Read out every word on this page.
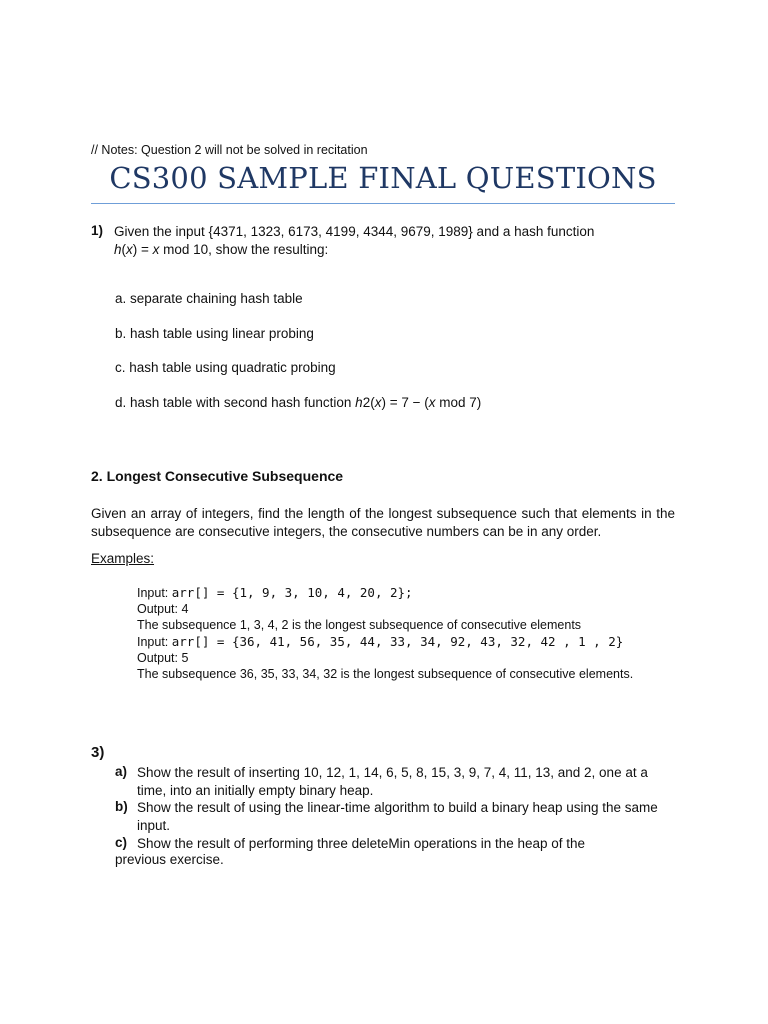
// Notes: Question 2 will not be solved in recitation
CS300 SAMPLE FINAL QUESTIONS
1) Given the input {4371, 1323, 6173, 4199, 4344, 9679, 1989} and a hash function
h(x) = x mod 10, show the resulting:
a. separate chaining hash table
b. hash table using linear probing
c. hash table using quadratic probing
d. hash table with second hash function h2(x) = 7 − (x mod 7)
2. Longest Consecutive Subsequence
Given an array of integers, find the length of the longest subsequence such that elements in the subsequence are consecutive integers, the consecutive numbers can be in any order.
Examples:
Input: arr[] = {1, 9, 3, 10, 4, 20, 2};
Output: 4
The subsequence 1, 3, 4, 2 is the longest subsequence of consecutive elements
Input: arr[] = {36, 41, 56, 35, 44, 33, 34, 92, 43, 32, 42 , 1 , 2}
Output: 5
The subsequence 36, 35, 33, 34, 32 is the longest subsequence of consecutive elements.
3)
a) Show the result of inserting 10, 12, 1, 14, 6, 5, 8, 15, 3, 9, 7, 4, 11, 13, and 2, one at a time, into an initially empty binary heap.
b) Show the result of using the linear-time algorithm to build a binary heap using the same input.
c) Show the result of performing three deleteMin operations in the heap of the
previous exercise.
